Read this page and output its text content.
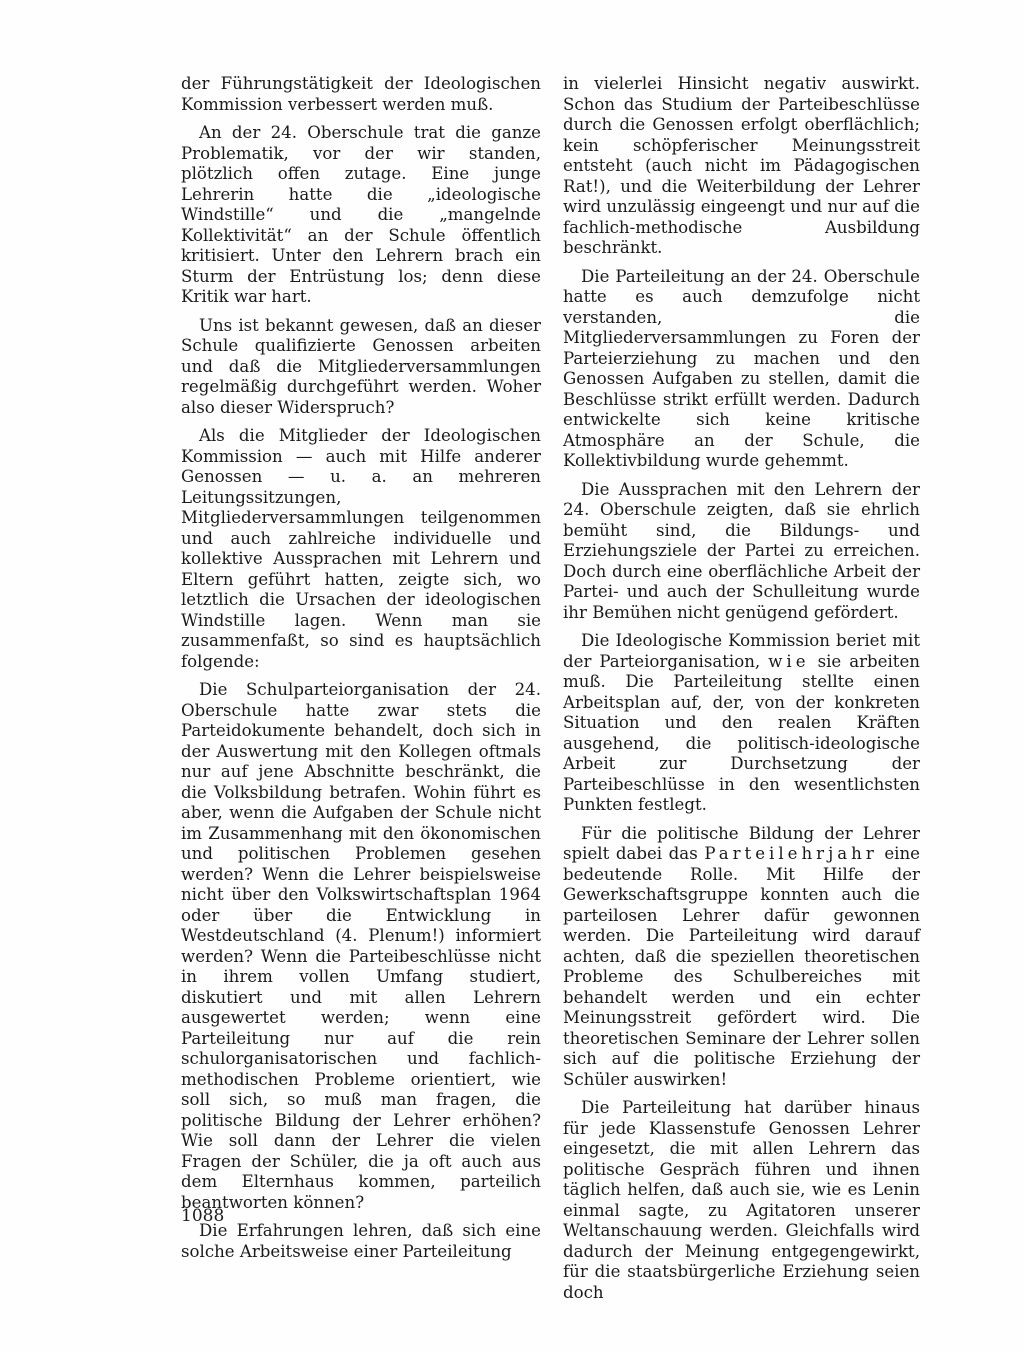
der Führungstätigkeit der Ideologischen Kommission verbessert werden muß.

An der 24. Oberschule trat die ganze Problematik, vor der wir standen, plötzlich offen zutage. Eine junge Lehrerin hatte die „ideologische Windstille“ und die „mangelnde Kollektivität“ an der Schule öffentlich kritisiert. Unter den Lehrern brach ein Sturm der Entrüstung los; denn diese Kritik war hart.

Uns ist bekannt gewesen, daß an dieser Schule qualifizierte Genossen arbeiten und daß die Mitgliederversammlungen regelmäßig durchgeführt werden. Woher also dieser Widerspruch?

Als die Mitglieder der Ideologischen Kommission — auch mit Hilfe anderer Genossen — u. a. an mehreren Leitungssitzungen, Mitgliederversammlungen teilgenommen und auch zahlreiche individuelle und kollektive Aussprachen mit Lehrern und Eltern geführt hatten, zeigte sich, wo letztlich die Ursachen der ideologischen Windstille lagen. Wenn man sie zusammenfaßt, so sind es hauptsächlich folgende:

Die Schulparteiorganisation der 24. Oberschule hatte zwar stets die Parteidokumente behandelt, doch sich in der Auswertung mit den Kollegen oftmals nur auf jene Abschnitte beschränkt, die die Volksbildung betrafen. Wohin führt es aber, wenn die Aufgaben der Schule nicht im Zusammenhang mit den ökonomischen und politischen Problemen gesehen werden? Wenn die Lehrer beispielsweise nicht über den Volkswirtschaftsplan 1964 oder über die Entwicklung in Westdeutschland (4. Plenum!) informiert werden? Wenn die Parteibeschlüsse nicht in ihrem vollen Umfang studiert, diskutiert und mit allen Lehrern ausgewertet werden; wenn eine Parteileitung nur auf die rein schulorganisatorischen und fachlich-methodischen Probleme orientiert, wie soll sich, so muß man fragen, die politische Bildung der Lehrer erhöhen? Wie soll dann der Lehrer die vielen Fragen der Schüler, die ja oft auch aus dem Elternhaus kommen, parteilich beantworten können?

Die Erfahrungen lehren, daß sich eine solche Arbeitsweise einer Parteileitung

in vielerlei Hinsicht negativ auswirkt. Schon das Studium der Parteibeschlüsse durch die Genossen erfolgt oberflächlich; kein schöpferischer Meinungsstreit entsteht (auch nicht im Pädagogischen Rat!), und die Weiterbildung der Lehrer wird unzulässig eingeengt und nur auf die fachlich-methodische Ausbildung beschränkt.

Die Parteileitung an der 24. Oberschule hatte es auch demzufolge nicht verstanden, die Mitgliederversammlungen zu Foren der Parteierziehung zu machen und den Genossen Aufgaben zu stellen, damit die Beschlüsse strikt erfüllt werden. Dadurch entwickelte sich keine kritische Atmosphäre an der Schule, die Kollektivbildung wurde gehemmt.

Die Aussprachen mit den Lehrern der 24. Oberschule zeigten, daß sie ehrlich bemüht sind, die Bildungs- und Erziehungsziele der Partei zu erreichen. Doch durch eine oberflächliche Arbeit der Partei- und auch der Schulleitung wurde ihr Bemühen nicht genügend gefördert.

Die Ideologische Kommission beriet mit der Parteiorganisation, wie sie arbeiten muß. Die Parteileitung stellte einen Arbeitsplan auf, der, von der konkreten Situation und den realen Kräften ausgehend, die politisch-ideologische Arbeit zur Durchsetzung der Parteibeschlüsse in den wesentlichsten Punkten festlegt.

Für die politische Bildung der Lehrer spielt dabei das Parteilehrjahr eine bedeutende Rolle. Mit Hilfe der Gewerkschaftsgruppe konnten auch die parteilosen Lehrer dafür gewonnen werden. Die Parteileitung wird darauf achten, daß die speziellen theoretischen Probleme des Schulbereiches mit behandelt werden und ein echter Meinungsstreit gefördert wird. Die theoretischen Seminare der Lehrer sollen sich auf die politische Erziehung der Schüler auswirken!

Die Parteileitung hat darüber hinaus für jede Klassenstufe Genossen Lehrer eingesetzt, die mit allen Lehrern das politische Gespräch führen und ihnen täglich helfen, daß auch sie, wie es Lenin einmal sagte, zu Agitatoren unserer Weltanschauung werden. Gleichfalls wird dadurch der Meinung entgegengewirkt, für die staatsbürgerliche Erziehung seien doch

1088
